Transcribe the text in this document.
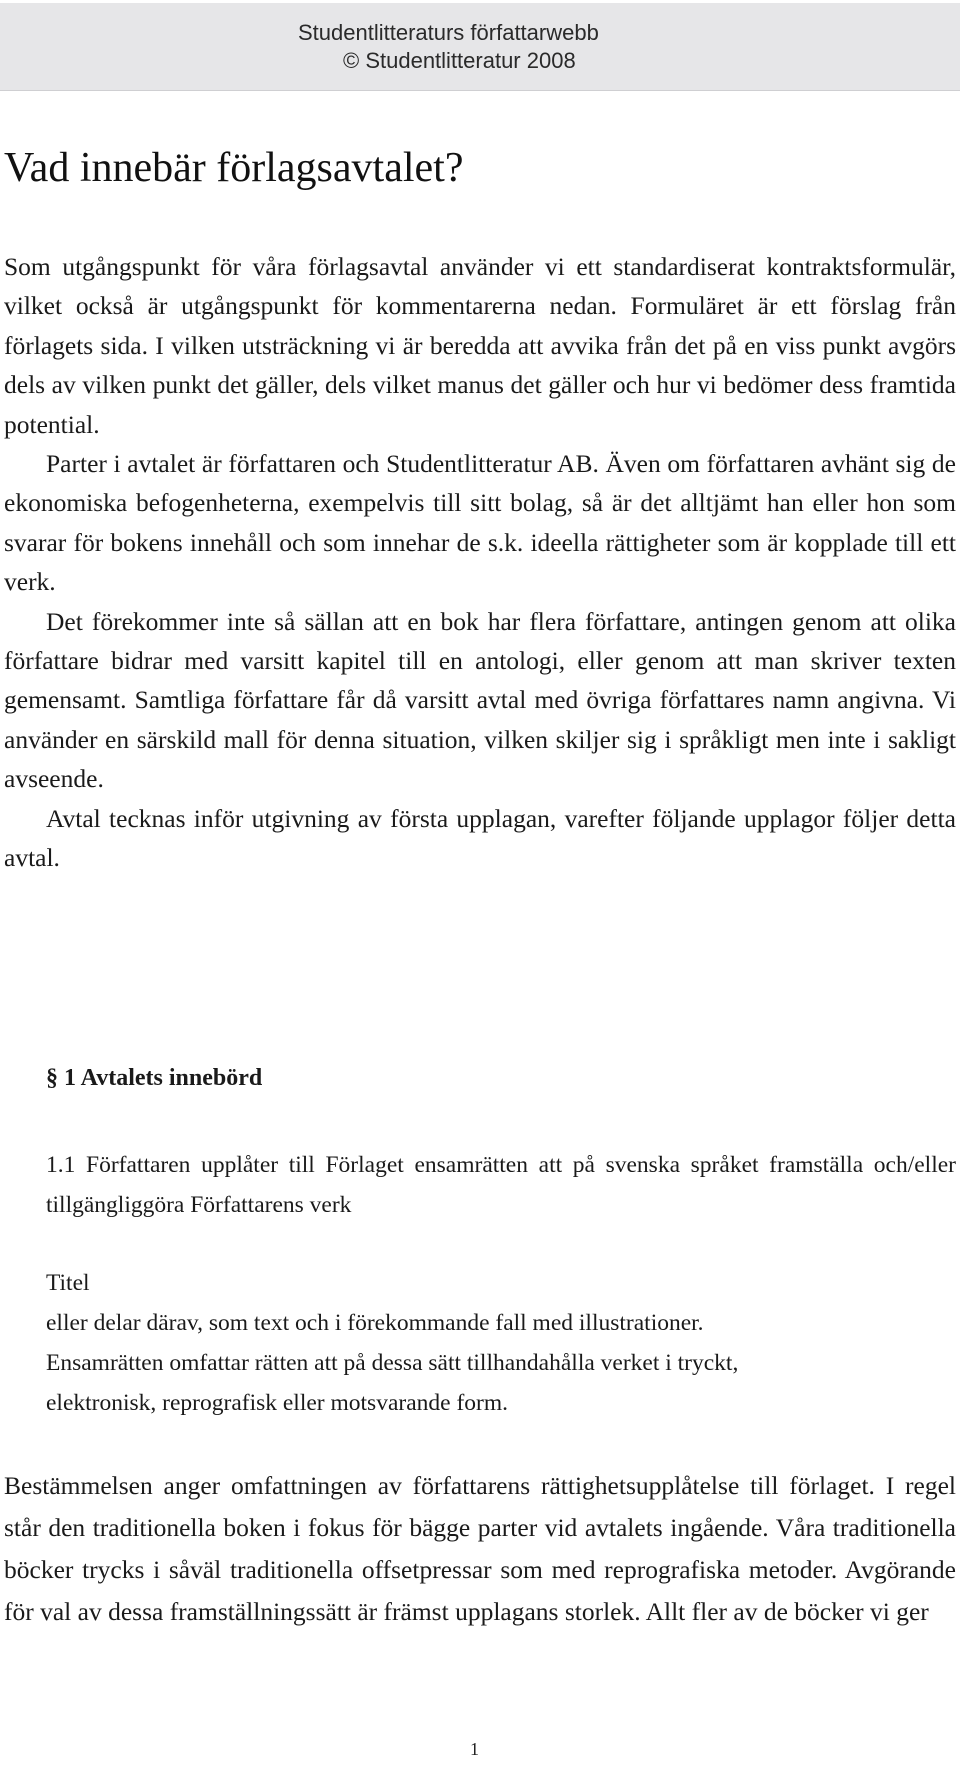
Studentlitteraturs författarwebb
© Studentlitteratur 2008
Vad innebär förlagsavtalet?

Som utgångspunkt för våra förlagsavtal använder vi ett standardiserat kontraktsformulär, vilket också är utgångspunkt för kommentarerna nedan. Formuläret är ett förslag från förlagets sida. I vilken utsträckning vi är beredda att avvika från det på en viss punkt avgörs dels av vilken punkt det gäller, dels vilket manus det gäller och hur vi bedömer dess framtida potential.

Parter i avtalet är författaren och Studentlitteratur AB. Även om författaren avhänt sig de ekonomiska befogenheterna, exempelvis till sitt bolag, så är det alltjämt han eller hon som svarar för bokens innehåll och som innehar de s.k. ideella rättigheter som är kopplade till ett verk.

Det förekommer inte så sällan att en bok har flera författare, antingen genom att olika författare bidrar med varsitt kapitel till en antologi, eller genom att man skriver texten gemensamt. Samtliga författare får då varsitt avtal med övriga författares namn angivna. Vi använder en särskild mall för denna situation, vilken skiljer sig i språkligt men inte i sakligt avseende.

Avtal tecknas inför utgivning av första upplagan, varefter följande upplagor följer detta avtal.

§ 1 Avtalets innebörd

1.1 Författaren upplåter till Förlaget ensamrätten att på svenska språket framställa och/eller tillgängliggöra Författarens verk

Titel

eller delar därav, som text och i förekommande fall med illustrationer.

Ensamrätten omfattar rätten att på dessa sätt tillhandahålla verket i tryckt,

elektronisk, reprografisk eller motsvarande form.

Bestämmelsen anger omfattningen av författarens rättighetsupplåtelse till förlaget. I regel står den traditionella boken i fokus för bägge parter vid avtalets ingående. Våra traditionella böcker trycks i såväl traditionella offsetpressar som med reprografiska metoder. Avgörande för val av dessa framställningssätt är främst upplagans storlek. Allt fler av de böcker vi ger

1
